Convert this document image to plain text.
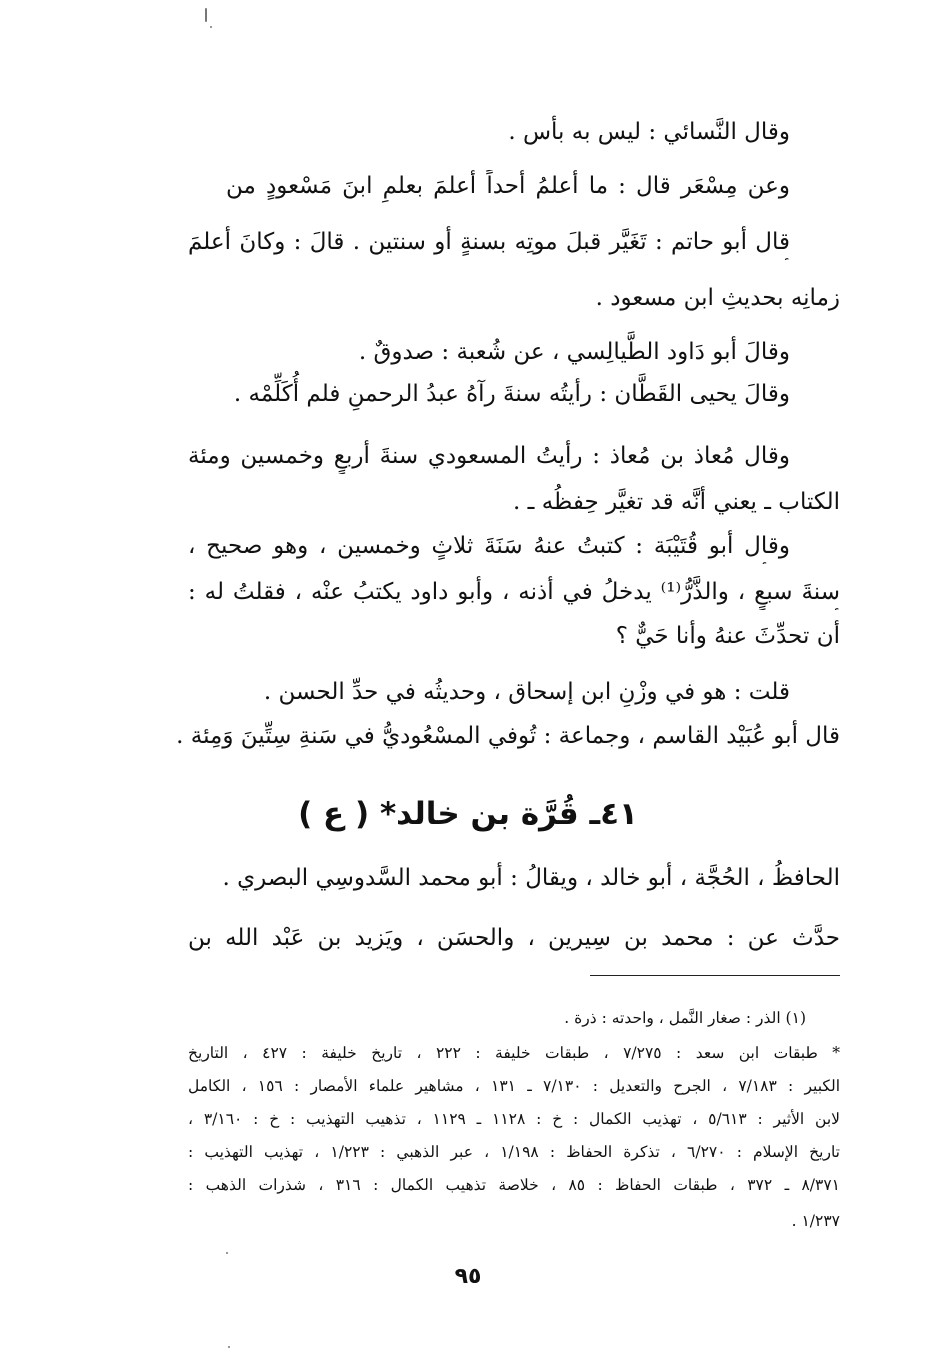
وقال النَّسائي : ليس به بأس .

وعن مِسْعَر قال : ما أعلمُ أحداً أعلمَ بعلمِ ابنَ مَسْعودٍ من

قال أبو حاتم : تَغَيَّر قبلَ موتِه بسنةٍ أو سنتين . قالَ : وكانَ أعلمَ

زمانِه بحديثِ ابن مسعود .

وقالَ أبو دَاود الطَّيالِسي ، عن شُعبة : صدوقٌ .

وقالَ يحيى القَطَّان : رأيتُه سنةَ رآهُ عبدُ الرحمنِ فلم أُكَلِّمْه .

وقال مُعاذ بن مُعاذ : رأيتُ المسعودي سنةَ أربعٍ وخمسين ومئة

الكتاب ـ يعني أنَّه قد تغيَّر حِفظُه ـ .

وقال أبو قُتَيْبَة : كتبتُ عنهُ سَنَةَ ثلاثٍ وخمسين ، وهو صحيح ،

سنةَ سبعٍ ، والذَّرُّ⁽¹⁾ يدخلُ في أذنه ، وأبو داود يكتبُ عنْه ، فقلتُ له :

أن تحدِّثَ عنهُ وأنا حَيٌّ ؟

قلت : هو في وزْنِ ابن إسحاق ، وحديثُه في حدِّ الحسن .

قال أبو عُبَيْد القاسم ، وجماعة : تُوفي المسْعُوديُّ في سَنةِ سِتِّينَ وَمِئة .

٤١ـ قُرَّة بن خالد* ( ع )

الحافظُ ، الحُجَّة ، أبو خالد ، ويقالُ : أبو محمد السَّدوسِي البصري .

حدَّث عن : محمد بن سِيرين ، والحسَن ، ويَزيد بن عَبْد الله بن

(١) الذر : صغار النَّمل ، واحدته : ذرة .
* طبقات ابن سعد : ٧/٢٧٥ ، طبقات خليفة : ٢٢٢ ، تاريخ خليفة : ٤٢٧ ، التاريخ
الكبير : ٧/١٨٣ ، الجرح والتعديل : ٧/١٣٠ ـ ١٣١ ، مشاهير علماء الأمصار : ١٥٦ ، الكامل
لابن الأثير : ٥/٦١٣ ، تهذيب الكمال : خ : ١١٢٨ ـ ١١٢٩ ، تذهيب التهذيب : خ : ٣/١٦٠ ،
تاريخ الإسلام : ٦/٢٧٠ ، تذكرة الحفاظ : ١/١٩٨ ، عبر الذهبي : ١/٢٢٣ ، تهذيب التهذيب :
٨/٣٧١ ـ ٣٧٢ ، طبقات الحفاظ : ٨٥ ، خلاصة تذهيب الكمال : ٣١٦ ، شذرات الذهب :
١/٢٣٧ .
٩٥
